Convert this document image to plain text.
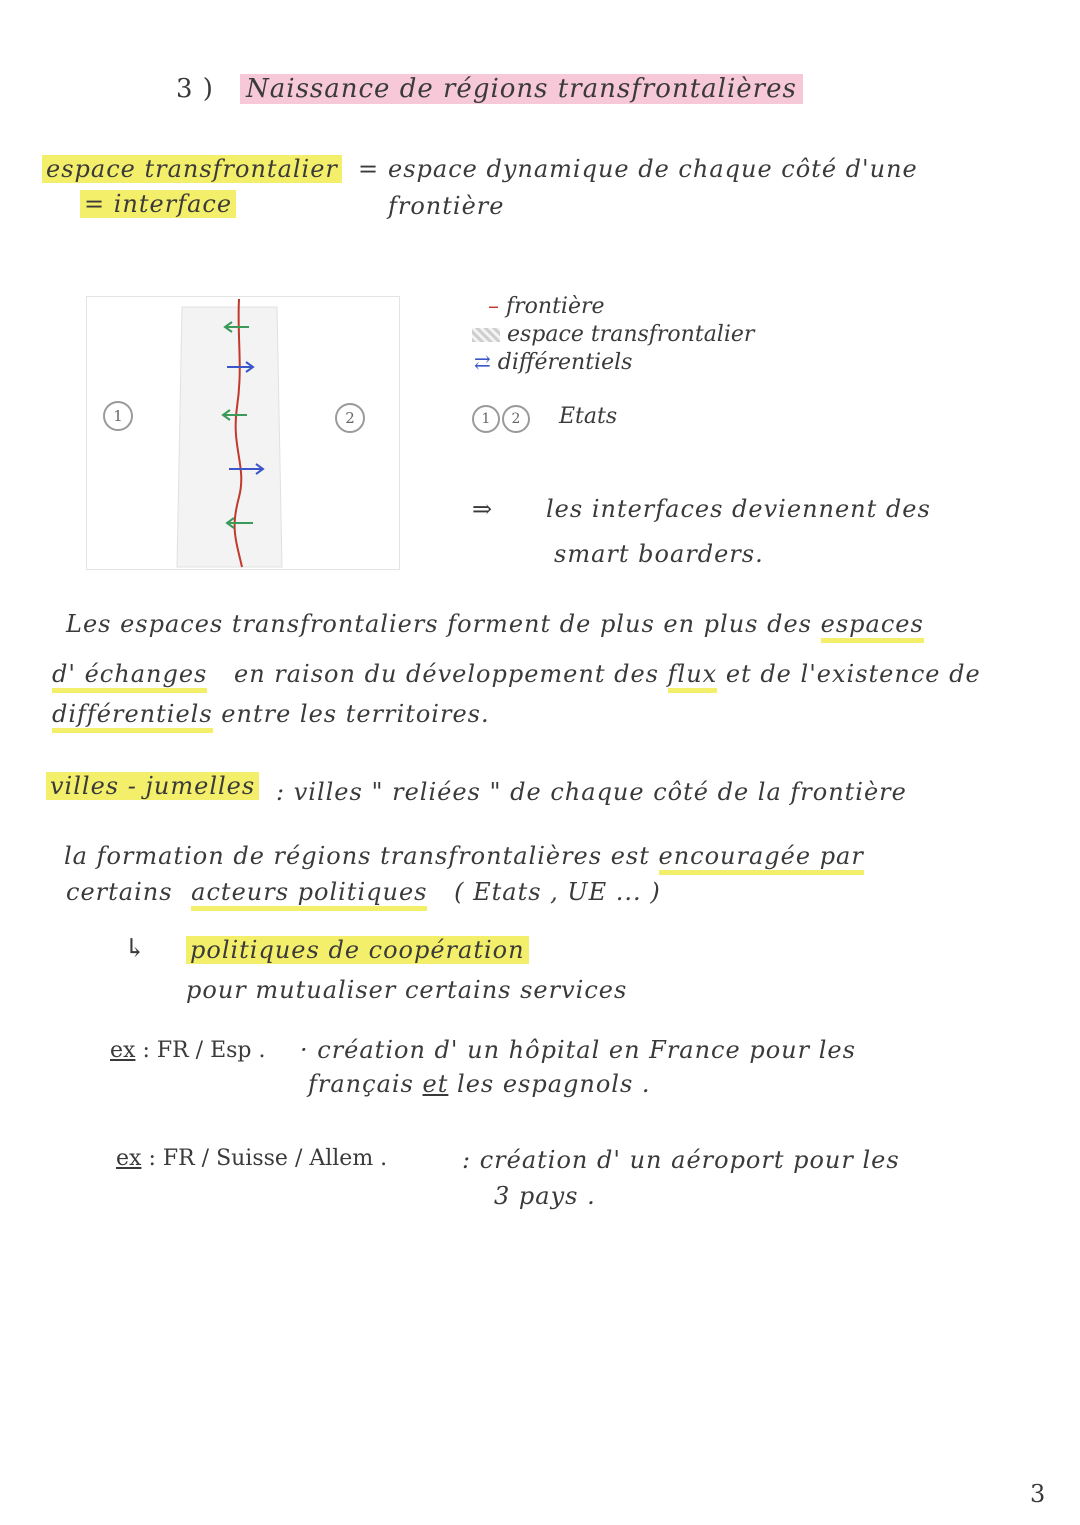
3 ) Naissance de régions transfrontalières
espace transfrontalier =
= interface
espace dynamique de chaque côté d'une
frontière
1	2
– frontière
espace transfrontalier
⇄ différentiels
1 2 Etats
⇒ les interfaces deviennent des
smart boarders.
Les espaces transfrontaliers forment de plus en plus des espaces
d' échanges en raison du développement des flux et de l'existence de
différentiels entre les territoires.
villes - jumelles : villes " reliées " de chaque côté de la frontière
la formation de régions transfrontalières est encouragée par
certains acteurs politiques ( Etats , UE ... )
↳ politiques de coopération
pour mutualiser certains services
ex : FR / Esp . · création d' un hôpital en France pour les
français et les espagnols .
ex : FR / Suisse / Allem .	: création d' un aéroport pour les
3 pays .
3
